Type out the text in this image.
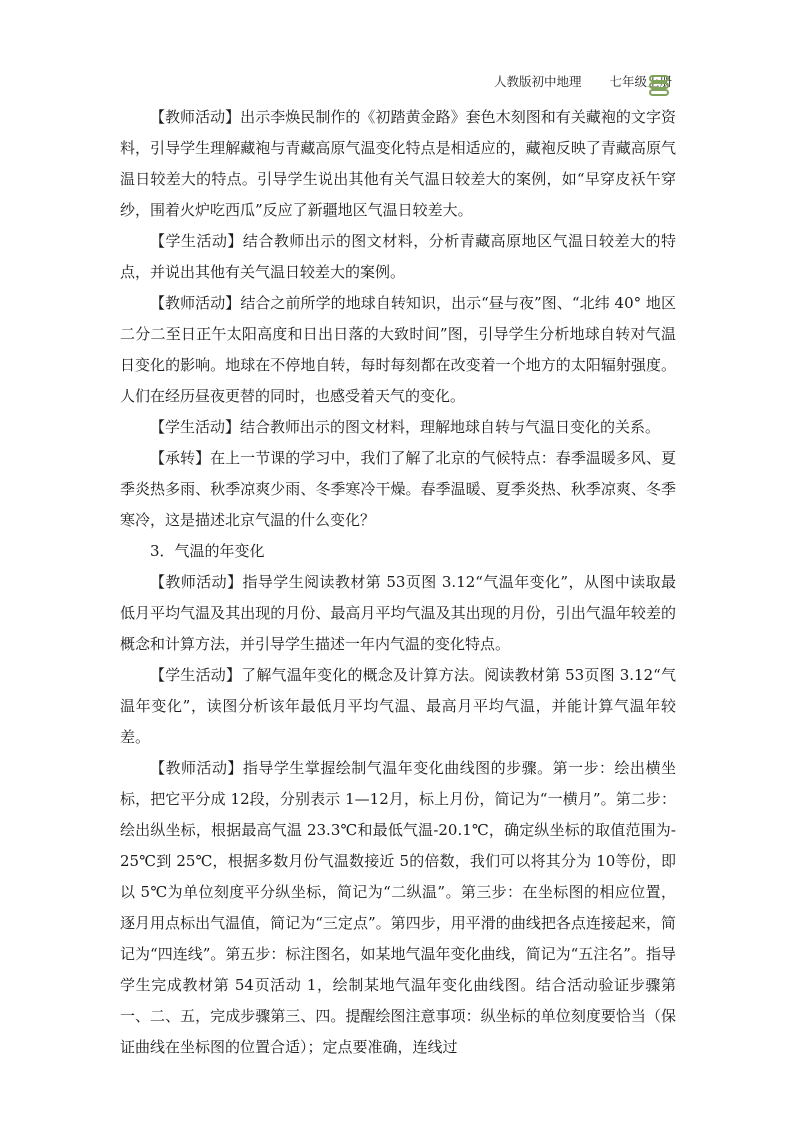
人教版初中地理 七年级上册

【教师活动】出示李焕民制作的《初踏黄金路》套色木刻图和有关藏袍的文字资料，引导学生理解藏袍与青藏高原气温变化特点是相适应的，藏袍反映了青藏高原气温日较差大的特点。引导学生说出其他有关气温日较差大的案例，如“早穿皮袄午穿纱，围着火炉吃西瓜”反应了新疆地区气温日较差大。

【学生活动】结合教师出示的图文材料，分析青藏高原地区气温日较差大的特点，并说出其他有关气温日较差大的案例。

【教师活动】结合之前所学的地球自转知识，出示“昼与夜”图、“北纬 40° 地区二分二至日正午太阳高度和日出日落的大致时间”图，引导学生分析地球自转对气温日变化的影响。地球在不停地自转，每时每刻都在改变着一个地方的太阳辐射强度。人们在经历昼夜更替的同时，也感受着天气的变化。

【学生活动】结合教师出示的图文材料，理解地球自转与气温日变化的关系。

【承转】在上一节课的学习中，我们了解了北京的气候特点：春季温暖多风、夏季炎热多雨、秋季凉爽少雨、冬季寒冷干燥。春季温暖、夏季炎热、秋季凉爽、冬季寒冷，这是描述北京气温的什么变化？

3．气温的年变化

【教师活动】指导学生阅读教材第 53页图 3.12“气温年变化”，从图中读取最低月平均气温及其出现的月份、最高月平均气温及其出现的月份，引出气温年较差的概念和计算方法，并引导学生描述一年内气温的变化特点。

【学生活动】了解气温年变化的概念及计算方法。阅读教材第 53页图 3.12“气温年变化”，读图分析该年最低月平均气温、最高月平均气温，并能计算气温年较差。

【教师活动】指导学生掌握绘制气温年变化曲线图的步骤。第一步：绘出横坐标，把它平分成 12段，分别表示 1—12月，标上月份，简记为“一横月”。第二步：绘出纵坐标，根据最高气温 23.3℃和最低气温-20.1℃，确定纵坐标的取值范围为-25℃到 25℃，根据多数月份气温数接近 5的倍数，我们可以将其分为 10等份，即以 5℃为单位刻度平分纵坐标，简记为“二纵温”。第三步：在坐标图的相应位置，逐月用点标出气温值，简记为“三定点”。第四步，用平滑的曲线把各点连接起来，简记为“四连线”。第五步：标注图名，如某地气温年变化曲线，简记为“五注名”。指导学生完成教材第 54页活动 1，绘制某地气温年变化曲线图。结合活动验证步骤第一、二、五，完成步骤第三、四。提醒绘图注意事项：纵坐标的单位刻度要恰当（保证曲线在坐标图的位置合适）；定点要准确，连线过
